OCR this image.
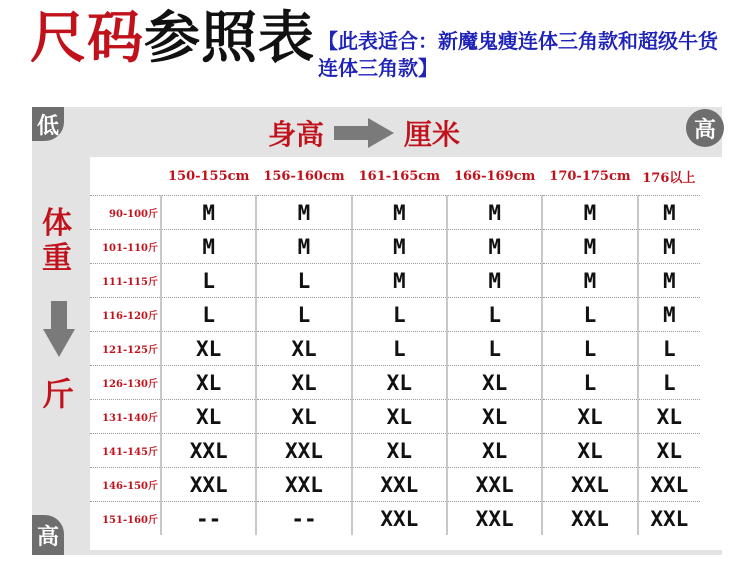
尺码参照表 【此表适合：新魔鬼瘦连体三角款和超级牛货连体三角款】
低	高
高
身高	厘米
体
重
斤
	150-155cm	156-160cm	161-165cm	166-169cm	170-175cm	176以上
90-100斤	M	M	M	M	M	M
101-110斤	M	M	M	M	M	M
111-115斤	L	L	M	M	M	M
116-120斤	L	L	L	L	L	M
121-125斤	XL	XL	L	L	L	L
126-130斤	XL	XL	XL	XL	L	L
131-140斤	XL	XL	XL	XL	XL	XL
141-145斤	XXL	XXL	XL	XL	XL	XL
146-150斤	XXL	XXL	XXL	XXL	XXL	XXL
151-160斤	--	--	XXL	XXL	XXL	XXL
